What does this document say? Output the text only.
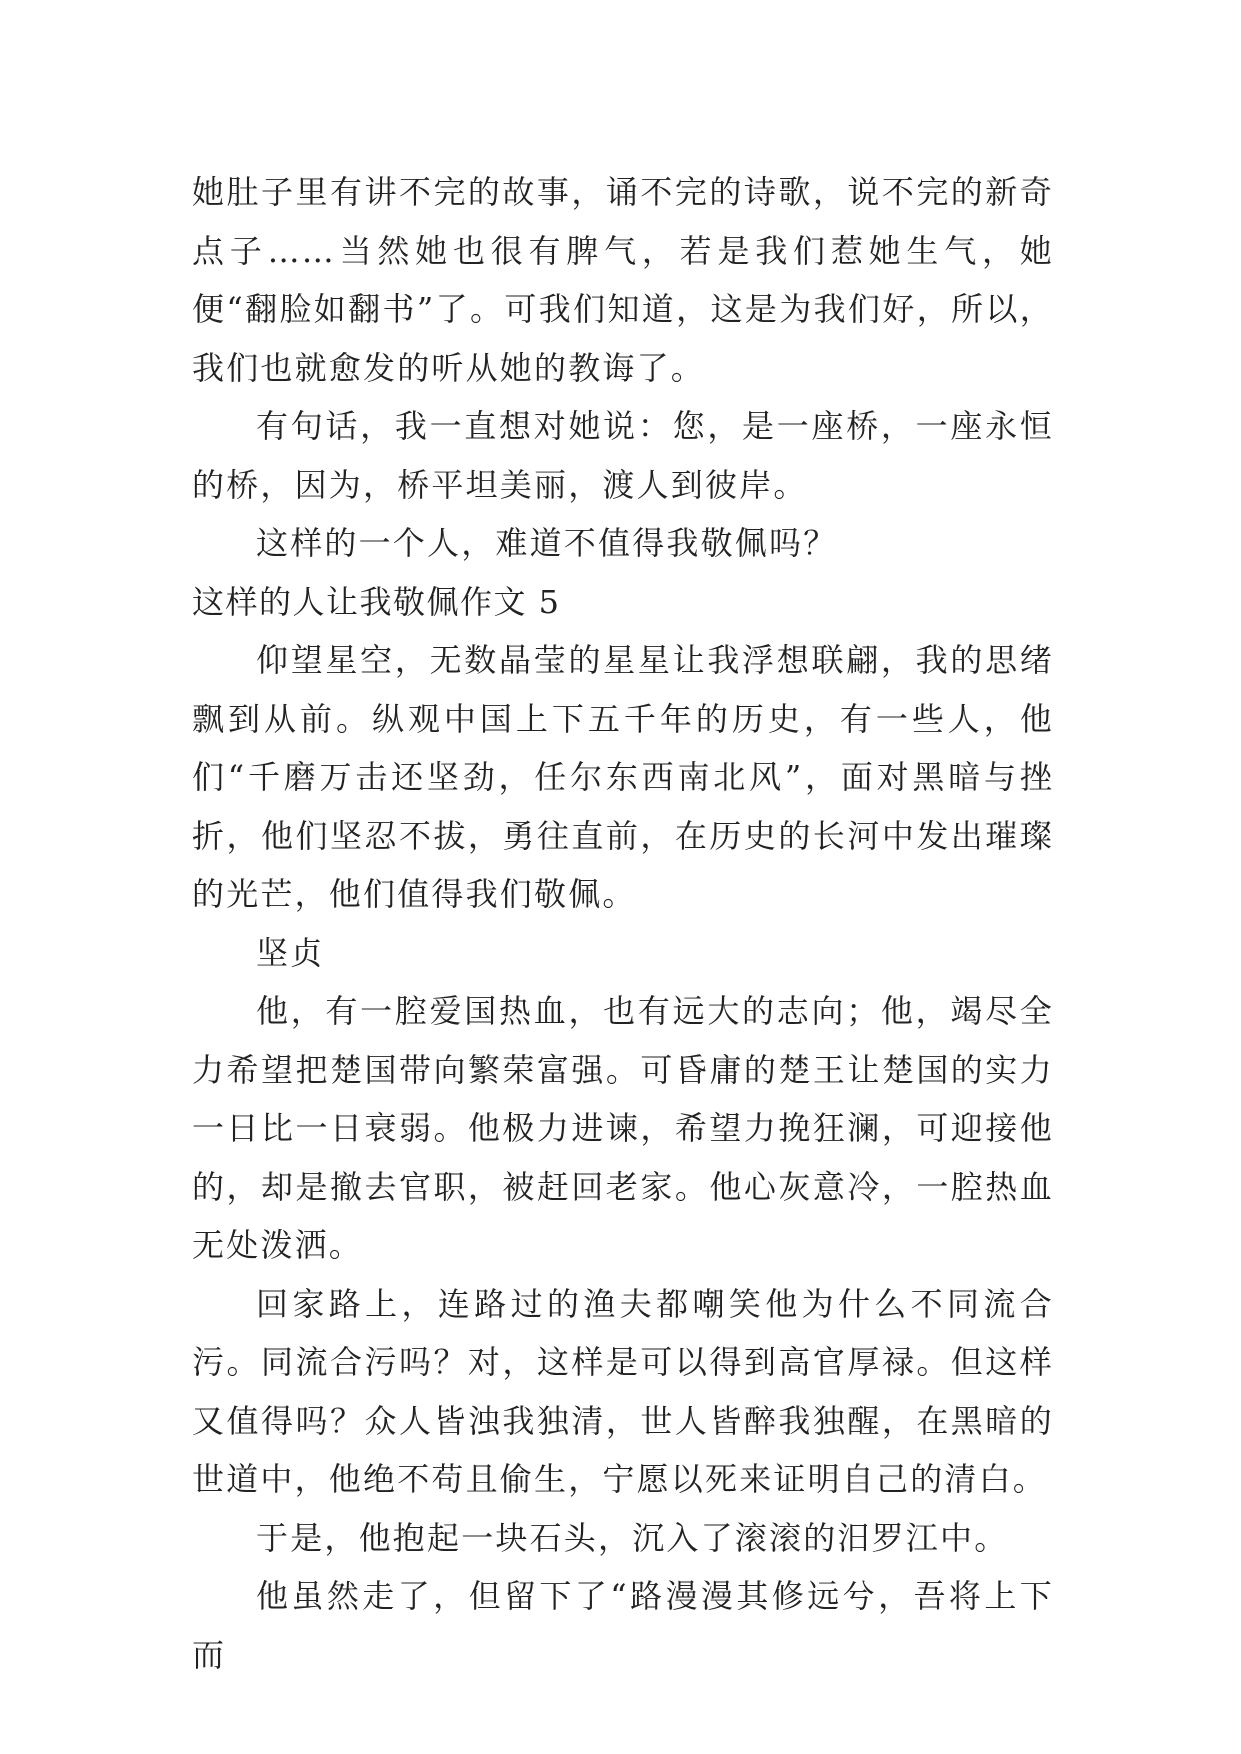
她肚子里有讲不完的故事，诵不完的诗歌，说不完的新奇点子……当然她也很有脾气，若是我们惹她生气，她便“翻脸如翻书”了。可我们知道，这是为我们好，所以，我们也就愈发的听从她的教诲了。

有句话，我一直想对她说：您，是一座桥，一座永恒的桥，因为，桥平坦美丽，渡人到彼岸。

这样的一个人，难道不值得我敬佩吗？

这样的人让我敬佩作文 5

仰望星空，无数晶莹的星星让我浮想联翩，我的思绪飘到从前。纵观中国上下五千年的历史，有一些人，他们“千磨万击还坚劲，任尔东西南北风”，面对黑暗与挫折，他们坚忍不拔，勇往直前，在历史的长河中发出璀璨的光芒，他们值得我们敬佩。

坚贞

他，有一腔爱国热血，也有远大的志向；他，竭尽全力希望把楚国带向繁荣富强。可昏庸的楚王让楚国的实力一日比一日衰弱。他极力进谏，希望力挽狂澜，可迎接他的，却是撤去官职，被赶回老家。他心灰意冷，一腔热血无处泼洒。

回家路上，连路过的渔夫都嘲笑他为什么不同流合污。同流合污吗？对，这样是可以得到高官厚禄。但这样又值得吗？众人皆浊我独清，世人皆醉我独醒，在黑暗的世道中，他绝不苟且偷生，宁愿以死来证明自己的清白。

于是，他抱起一块石头，沉入了滚滚的汨罗江中。

他虽然走了，但留下了“路漫漫其修远兮，吾将上下而
